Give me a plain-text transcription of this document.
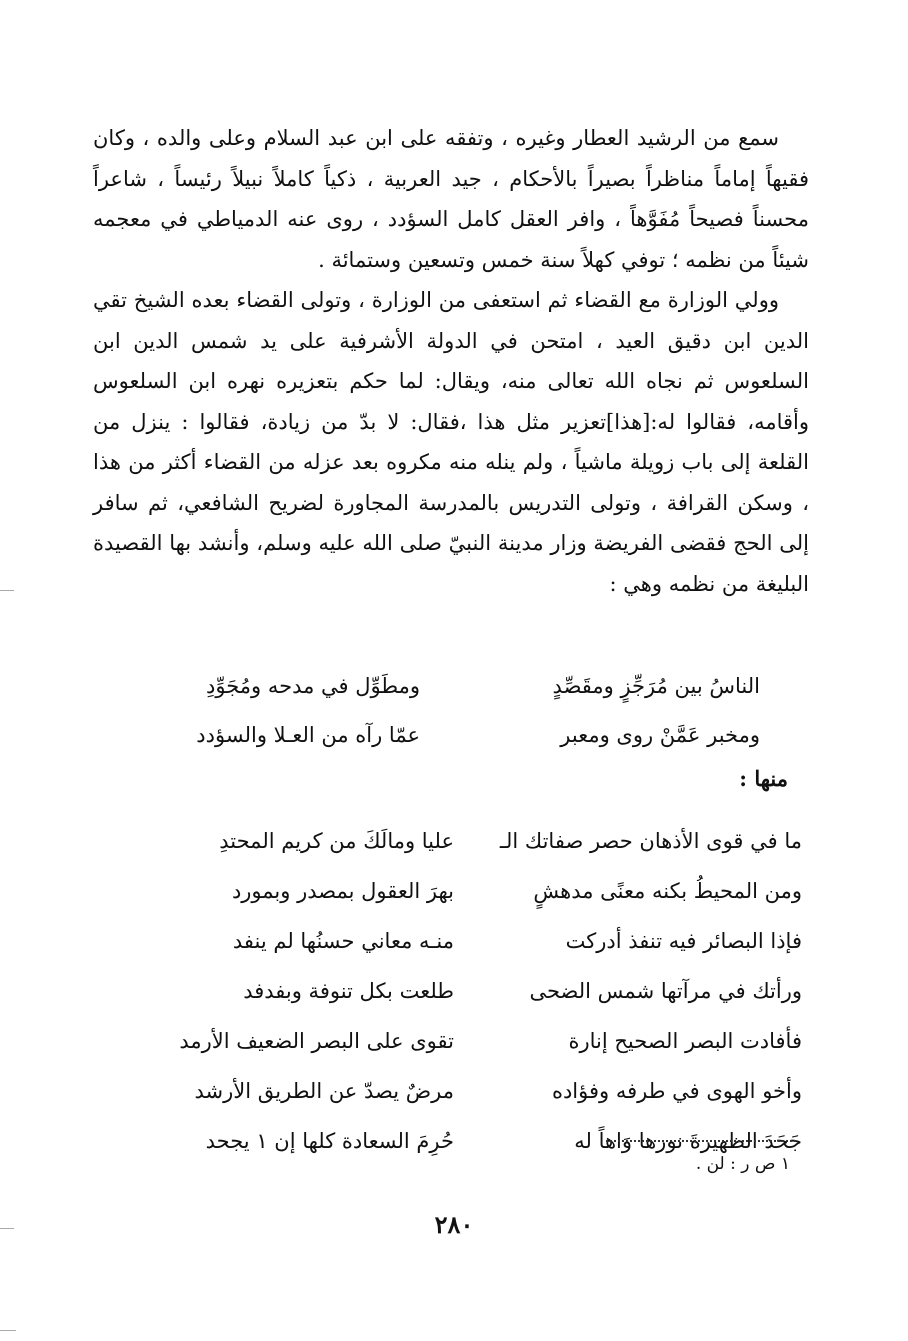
سمع من الرشيد العطار وغيره ، وتفقه على ابن عبد السلام وعلى والده ، وكان فقيهاً إماماً مناظراً بصيراً بالأحكام ، جيد العربية ، ذكياً كاملاً نبيلاً رئيساً ، شاعراً محسناً فصيحاً مُفَوَّهاً ، وافر العقل كامل السؤدد ، روى عنه الدمياطي في معجمه شيئاً من نظمه ؛ توفي كهلاً سنة خمس وتسعين وستمائة .

وولي الوزارة مع القضاء ثم استعفى من الوزارة ، وتولى القضاء بعده الشيخ تقي الدين ابن دقيق العيد ، امتحن في الدولة الأشرفية على يد شمس الدين ابن السلعوس ثم نجاه الله تعالى منه، ويقال: لما حكم بتعزيره نهره ابن السلعوس وأقامه، فقالوا له:[هذا]تعزير مثل هذا ،فقال: لا بدّ من زيادة، فقالوا : ينزل من القلعة إلى باب زويلة ماشياً ، ولم ينله منه مكروه بعد عزله من القضاء أكثر من هذا ، وسكن القرافة ، وتولى التدريس بالمدرسة المجاورة لضريح الشافعي، ثم سافر إلى الحج فقضى الفريضة وزار مدينة النبيّ صلى الله عليه وسلم، وأنشد بها القصيدة البليغة من نظمه وهي :

الناسُ بين مُرَجِّزٍ ومقَصِّدٍ
ومطَوِّل في مدحه ومُجَوِّدِ
ومخبر عَمَّنْ روى ومعبر
عمّا رآه من العـلا والسؤدد
منها :
ما في قوى الأذهان حصر صفاتك الـ
عليا ومالَكَ من كريم المحتدِ
ومن المحيطُ بكنه معنًى مدهشٍ
بهرَ العقول بمصدر وبمورد
فإذا البصائر فيه تنفذ أدركت
منـه معاني حسنُها لم ينفد
ورأتك في مرآتها شمس الضحى
طلعت بكل تنوفة وبفدفد
فأفادت البصر الصحيح إنارة
تقوى على البصر الضعيف الأرمد
وأخو الهوى في طرفه وفؤاده
مرضٌ يصدّ عن الطريق الأرشد
جَحَدَ الظهيرةَ نورها وَاهاً له
حُرِمَ السعادة كلها إن ١ يجحد
١ ص ر : لن .
٢٨٠
